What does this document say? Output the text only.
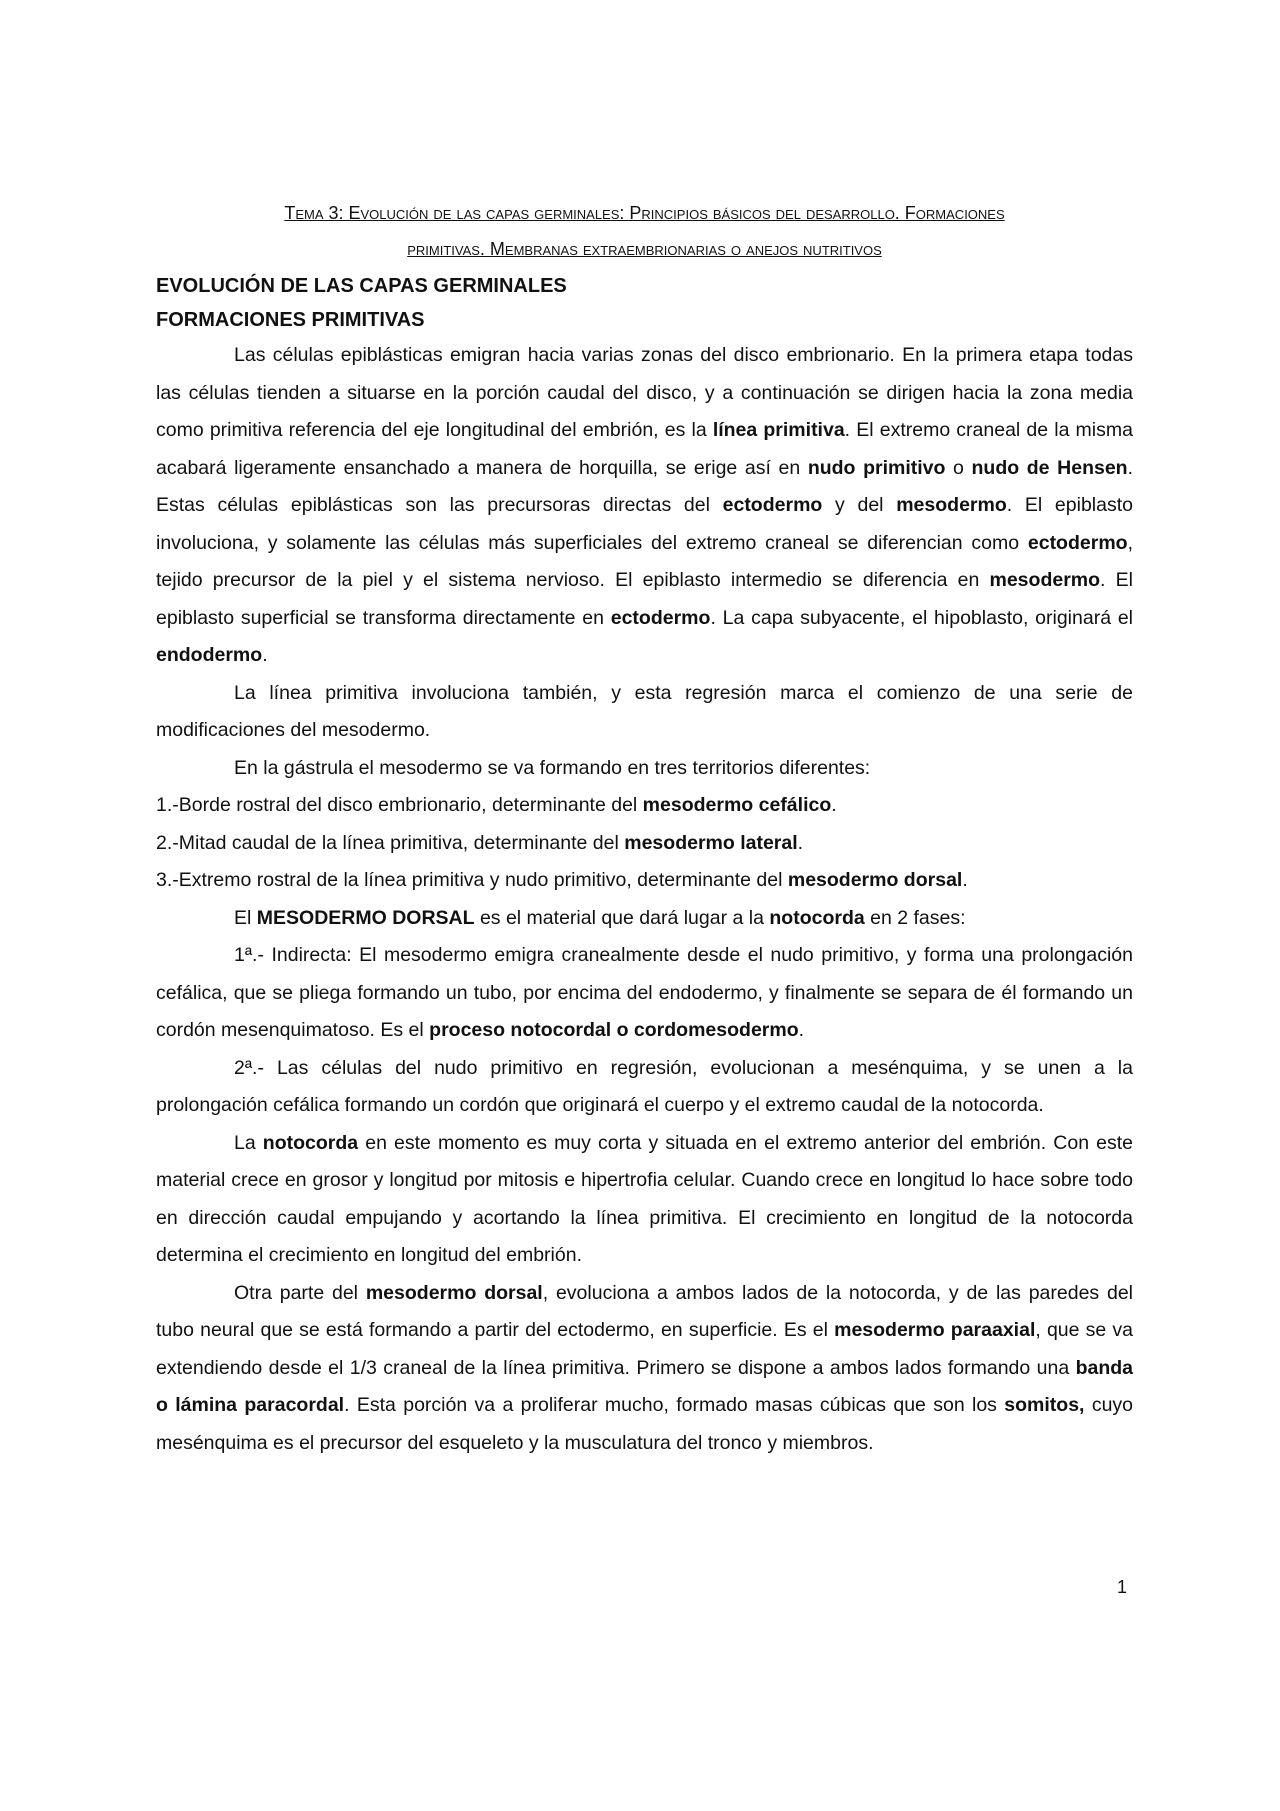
Tema 3: Evolución de las capas germinales: Principios básicos del desarrollo. Formaciones
primitivas. Membranas extraembrionarias o anejos nutritivos

EVOLUCIÓN DE LAS CAPAS GERMINALES
FORMACIONES PRIMITIVAS

Las células epiblásticas emigran hacia varias zonas del disco embrionario. En la primera etapa todas las células tienden a situarse en la porción caudal del disco, y a continuación se dirigen hacia la zona media como primitiva referencia del eje longitudinal del embrión, es la línea primitiva. El extremo craneal de la misma acabará ligeramente ensanchado a manera de horquilla, se erige así en nudo primitivo o nudo de Hensen. Estas células epiblásticas son las precursoras directas del ectodermo y del mesodermo. El epiblasto involuciona, y solamente las células más superficiales del extremo craneal se diferencian como ectodermo, tejido precursor de la piel y el sistema nervioso. El epiblasto intermedio se diferencia en mesodermo. El epiblasto superficial se transforma directamente en ectodermo. La capa subyacente, el hipoblasto, originará el endodermo.

La línea primitiva involuciona también, y esta regresión marca el comienzo de una serie de modificaciones del mesodermo.

En la gástrula el mesodermo se va formando en tres territorios diferentes:

1.-Borde rostral del disco embrionario, determinante del mesodermo cefálico.

2.-Mitad caudal de la línea primitiva, determinante del mesodermo lateral.

3.-Extremo rostral de la línea primitiva y nudo primitivo, determinante del mesodermo dorsal.

El MESODERMO DORSAL es el material que dará lugar a la notocorda en 2 fases:

1ª.- Indirecta: El mesodermo emigra cranealmente desde el nudo primitivo, y forma una prolongación cefálica, que se pliega formando un tubo, por encima del endodermo, y finalmente se separa de él formando un cordón mesenquimatoso. Es el proceso notocordal o cordomesodermo.

2ª.- Las células del nudo primitivo en regresión, evolucionan a mesénquima, y se unen a la prolongación cefálica formando un cordón que originará el cuerpo y el extremo caudal de la notocorda.

La notocorda en este momento es muy corta y situada en el extremo anterior del embrión. Con este material crece en grosor y longitud por mitosis e hipertrofia celular. Cuando crece en longitud lo hace sobre todo en dirección caudal empujando y acortando la línea primitiva. El crecimiento en longitud de la notocorda determina el crecimiento en longitud del embrión.

Otra parte del mesodermo dorsal, evoluciona a ambos lados de la notocorda, y de las paredes del tubo neural que se está formando a partir del ectodermo, en superficie. Es el mesodermo paraaxial, que se va extendiendo desde el 1/3 craneal de la línea primitiva. Primero se dispone a ambos lados formando una banda o lámina paracordal. Esta porción va a proliferar mucho, formado masas cúbicas que son los somitos, cuyo mesénquima es el precursor del esqueleto y la musculatura del tronco y miembros.

1
